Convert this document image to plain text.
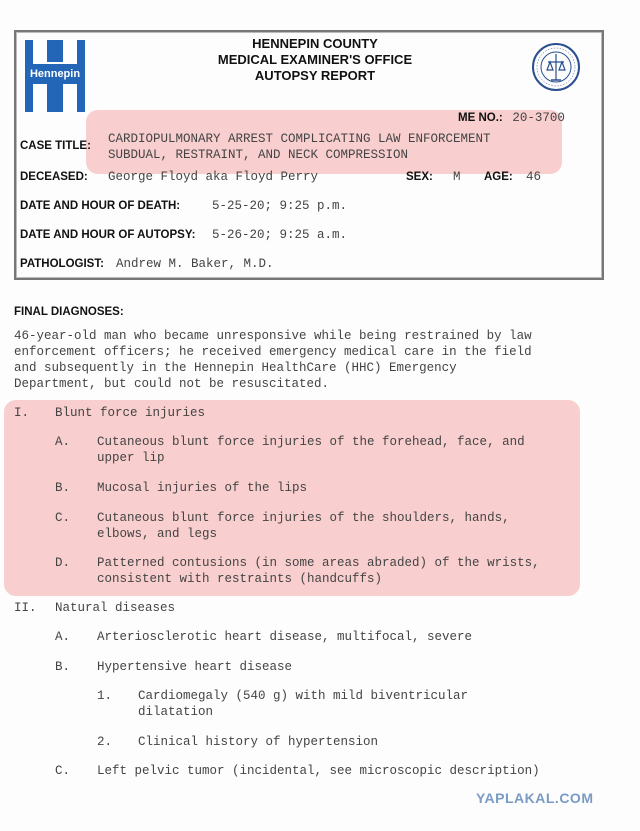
Hennepin
HENNEPIN COUNTY
MEDICAL EXAMINER'S OFFICE
AUTOPSY REPORT
ME NO.: 20-3700
CASE TITLE: CARDIOPULMONARY ARREST COMPLICATING LAW ENFORCEMENT
SUBDUAL, RESTRAINT, AND NECK COMPRESSION
DECEASED: George Floyd aka Floyd Perry	SEX: M AGE: 46
DATE AND HOUR OF DEATH:	5-25-20; 9:25 p.m.
DATE AND HOUR OF AUTOPSY: 5-26-20; 9:25 a.m.
PATHOLOGIST: Andrew M. Baker, M.D.
FINAL DIAGNOSES:
46-year-old man who became unresponsive while being restrained by law
enforcement officers; he received emergency medical care in the field
and subsequently in the Hennepin HealthCare (HHC) Emergency
Department, but could not be resuscitated.
I. Blunt force injuries
A. Cutaneous blunt force injuries of the forehead, face, and
upper lip
B. Mucosal injuries of the lips
C. Cutaneous blunt force injuries of the shoulders, hands,
elbows, and legs
D. Patterned contusions (in some areas abraded) of the wrists,
consistent with restraints (handcuffs)
II. Natural diseases
A. Arteriosclerotic heart disease, multifocal, severe
B. Hypertensive heart disease
1. Cardiomegaly (540 g) with mild biventricular
dilatation
2. Clinical history of hypertension
C. Left pelvic tumor (incidental, see microscopic description)
YAPLAKAL.COM
